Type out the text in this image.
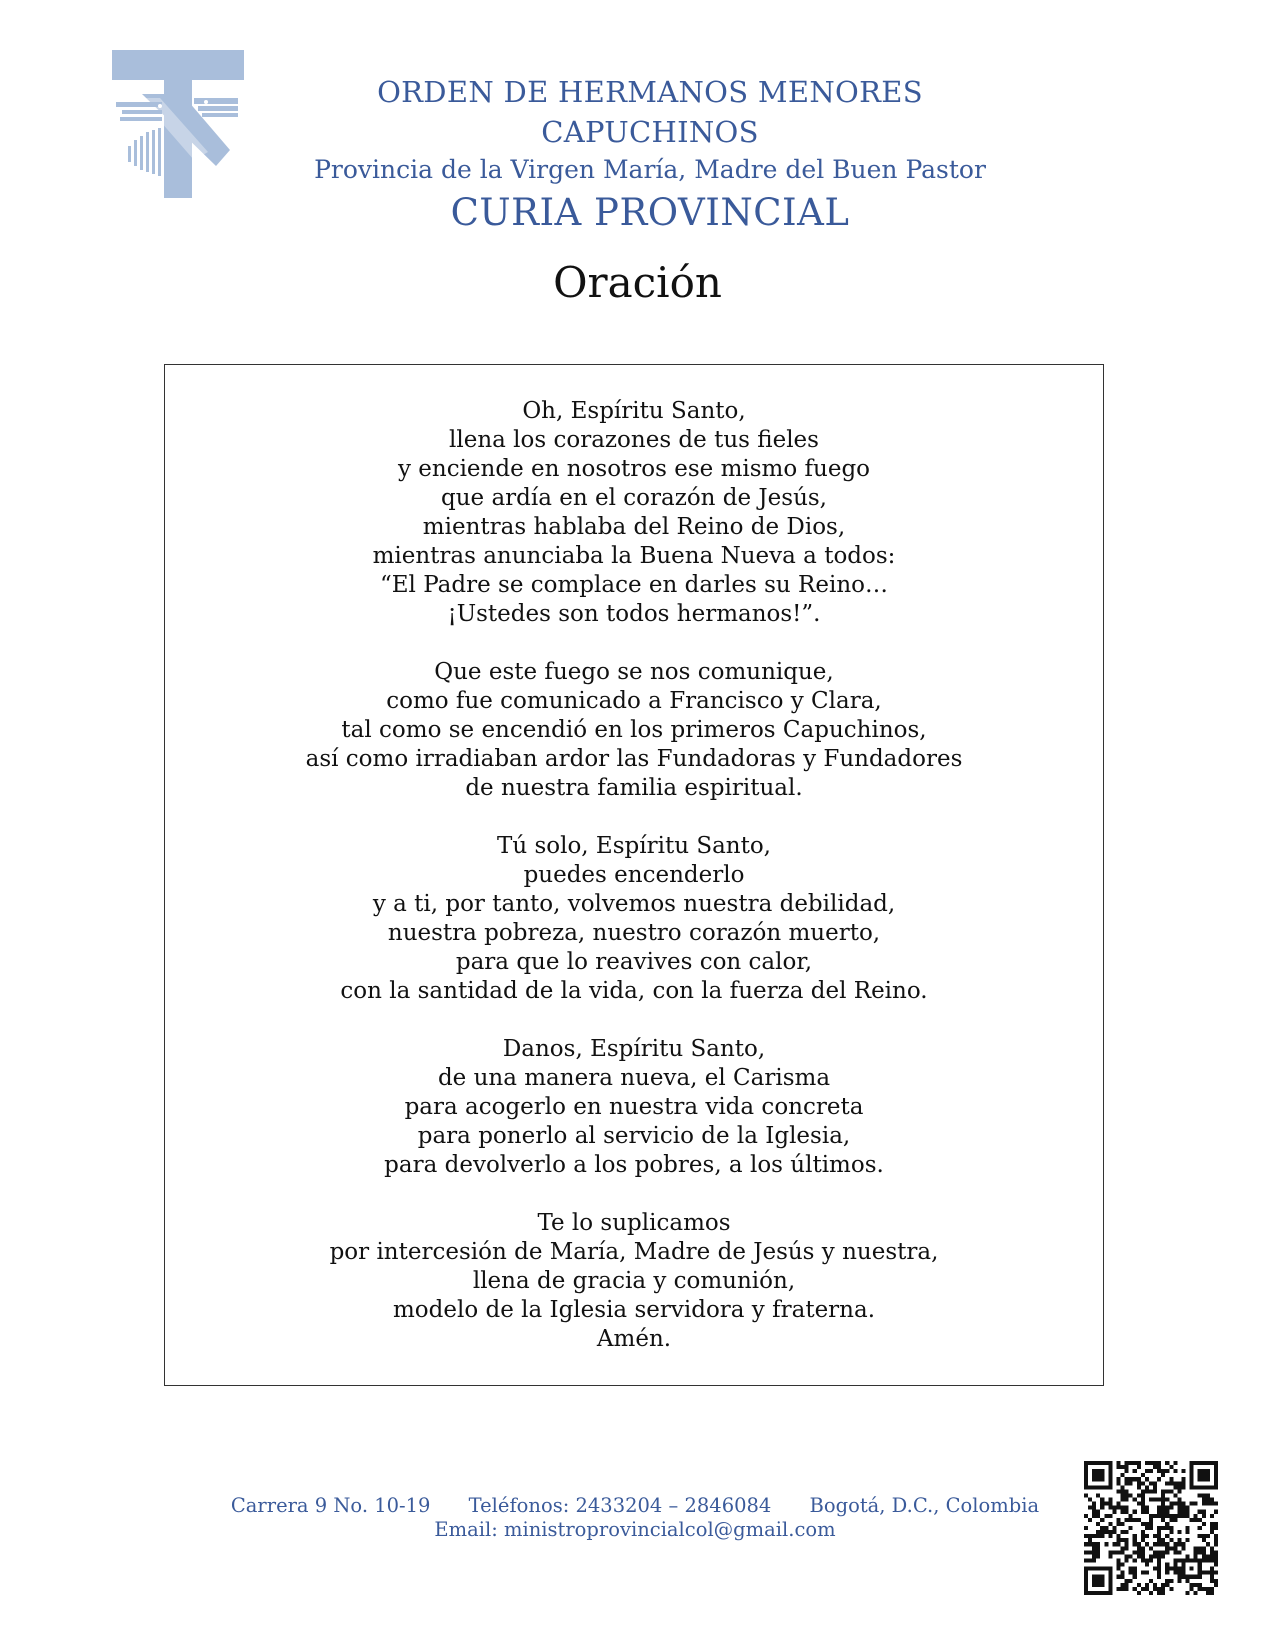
ORDEN DE HERMANOS MENORES CAPUCHINOS
Provincia de la Virgen María, Madre del Buen Pastor
CURIA PROVINCIAL
Oración
Oh, Espíritu Santo,
llena los corazones de tus fieles
y enciende en nosotros ese mismo fuego
que ardía en el corazón de Jesús,
mientras hablaba del Reino de Dios,
mientras anunciaba la Buena Nueva a todos:
“El Padre se complace en darles su Reino…
¡Ustedes son todos hermanos!”.
Que este fuego se nos comunique,
como fue comunicado a Francisco y Clara,
tal como se encendió en los primeros Capuchinos,
así como irradiaban ardor las Fundadoras y Fundadores
de nuestra familia espiritual.
Tú solo, Espíritu Santo,
puedes encenderlo
y a ti, por tanto, volvemos nuestra debilidad,
nuestra pobreza, nuestro corazón muerto,
para que lo reavives con calor,
con la santidad de la vida, con la fuerza del Reino.
Danos, Espíritu Santo,
de una manera nueva, el Carisma
para acogerlo en nuestra vida concreta
para ponerlo al servicio de la Iglesia,
para devolverlo a los pobres, a los últimos.
Te lo suplicamos
por intercesión de María, Madre de Jesús y nuestra,
llena de gracia y comunión,
modelo de la Iglesia servidora y fraterna.
Amén.
Carrera 9 No. 10-19 Teléfonos: 2433204 – 2846084 Bogotá, D.C., Colombia
Email: ministroprovincialcol@gmail.com
